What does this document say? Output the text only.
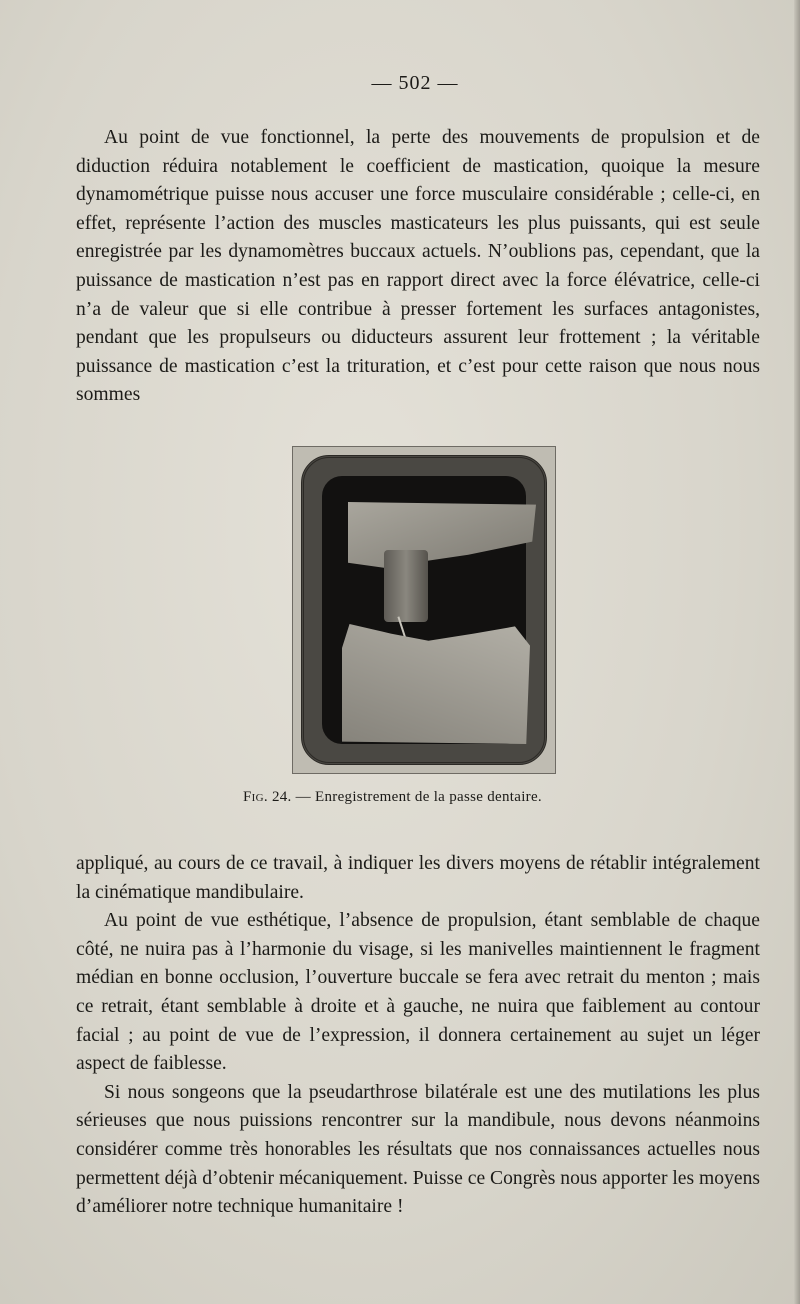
— 502 —

Au point de vue fonctionnel, la perte des mouvements de propulsion et de diduction réduira notablement le coefficient de mastication, quoique la mesure dynamométrique puisse nous accuser une force musculaire considérable ; celle-ci, en effet, représente l’action des muscles masticateurs les plus puissants, qui est seule enregistrée par les dynamomètres buccaux actuels. N’oublions pas, cependant, que la puissance de mastication n’est pas en rapport direct avec la force élévatrice, celle-ci n’a de valeur que si elle contribue à presser fortement les surfaces antagonistes, pendant que les propulseurs ou diducteurs assurent leur frottement ; la véritable puissance de mastication c’est la trituration, et c’est pour cette raison que nous nous sommes

Fig. 24. — Enregistrement de la passe dentaire.

appliqué, au cours de ce travail, à indiquer les divers moyens de rétablir intégralement la cinématique mandibulaire.

Au point de vue esthétique, l’absence de propulsion, étant semblable de chaque côté, ne nuira pas à l’harmonie du visage, si les manivelles maintiennent le fragment médian en bonne occlusion, l’ouverture buccale se fera avec retrait du menton ; mais ce retrait, étant semblable à droite et à gauche, ne nuira que faiblement au contour facial ; au point de vue de l’expression, il donnera certainement au sujet un léger aspect de faiblesse.

Si nous songeons que la pseudarthrose bilatérale est une des mutilations les plus sérieuses que nous puissions rencontrer sur la mandibule, nous devons néanmoins considérer comme très honorables les résultats que nos connaissances actuelles nous permettent déjà d’obtenir mécaniquement. Puisse ce Congrès nous apporter les moyens d’améliorer notre technique humanitaire !
